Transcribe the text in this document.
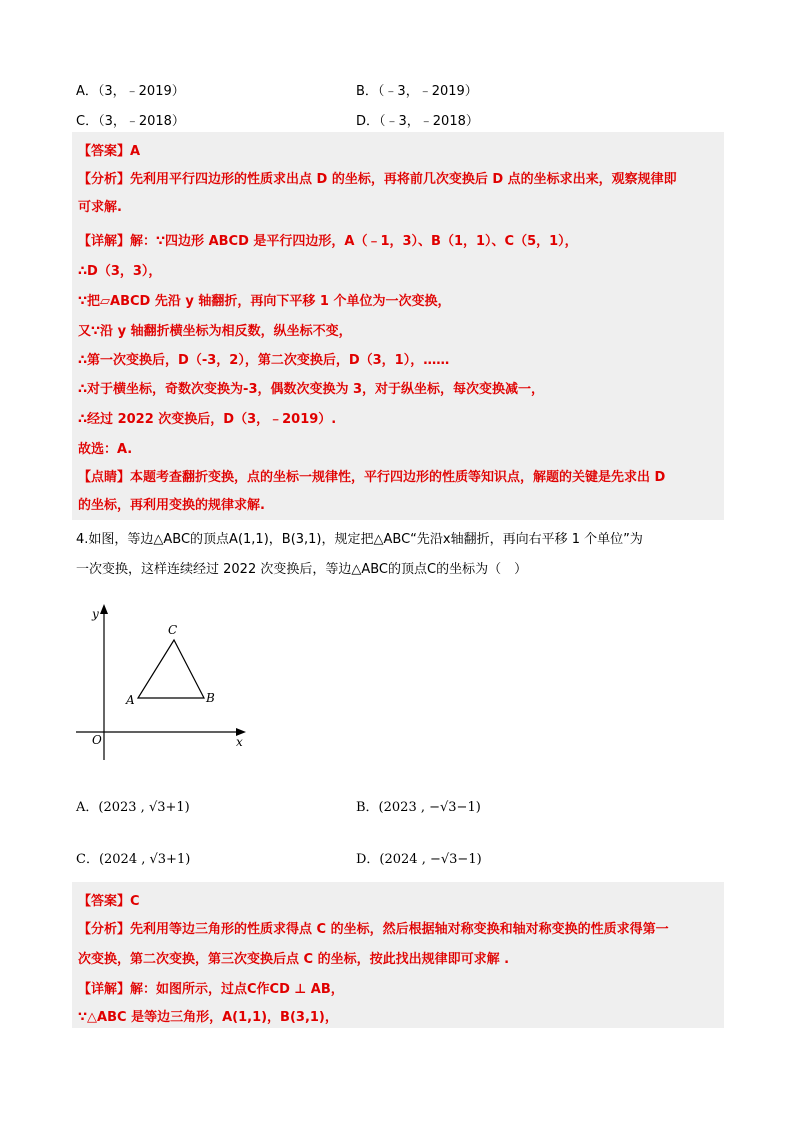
A．（3，﹣2019）	B．（﹣3，﹣2019）
C．（3，﹣2018）	D．（﹣3，﹣2018）
【答案】A
【分析】先利用平行四边形的性质求出点 D 的坐标，再将前几次变换后 D 点的坐标求出来，观察规律即
可求解.
【详解】解：∵四边形 ABCD 是平行四边形，A（﹣1，3）、B（1，1）、C（5，1），
∴D（3，3），
∵把▱ABCD 先沿 y 轴翻折，再向下平移 1 个单位为一次变换，
又∵沿 y 轴翻折横坐标为相反数，纵坐标不变，
∴第一次变换后，D（-3，2），第二次变换后，D（3，1），……
∴对于横坐标，奇数次变换为-3，偶数次变换为 3，对于纵坐标，每次变换减一，
∴经过 2022 次变换后，D（3，﹣2019）.
故选：A.
【点睛】本题考查翻折变换，点的坐标一规律性，平行四边形的性质等知识点，解题的关键是先求出 D
的坐标，再利用变换的规律求解.
4.如图，等边△ABC的顶点A(1,1)，B(3,1)，规定把△ABC“先沿x轴翻折，再向右平移 1 个单位”为
一次变换，这样连续经过 2022 次变换后，等边△ABC的顶点C的坐标为（　）
y
x
O
A	B
C
A．(2023 , √3+1)	B．(2023 , −√3−1)
C．(2024 , √3+1)	D．(2024 , −√3−1)
【答案】C
【分析】先利用等边三角形的性质求得点 C 的坐标，然后根据轴对称变换和轴对称变换的性质求得第一
次变换，第二次变换，第三次变换后点 C 的坐标，按此找出规律即可求解 .
【详解】解：如图所示，过点C作CD ⊥ AB，
∵△ABC 是等边三角形，A(1,1)，B(3,1)，
